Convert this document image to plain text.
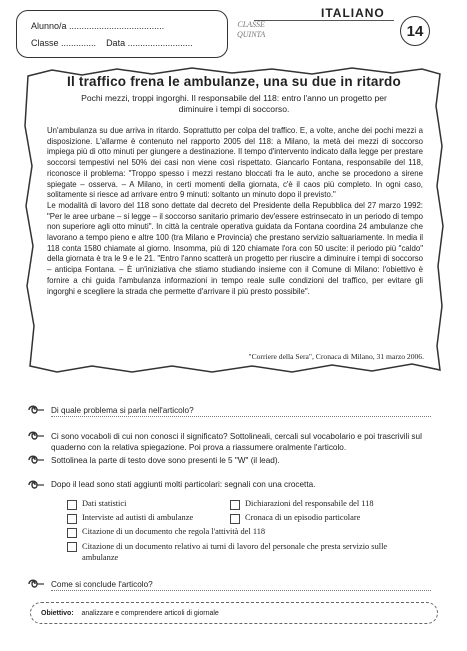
Alunno/a ......................................
Classe .............. Data ..........................
CLASSE
QUINTA
ITALIANO
14
Il traffico frena le ambulanze, una su due in ritardo
Pochi mezzi, troppi ingorghi. Il responsabile del 118: entro l'anno un progetto per diminuire i tempi di soccorso.

Un'ambulanza su due arriva in ritardo. Soprattutto per colpa del traffico. E, a volte, anche dei pochi mezzi a disposizione. L'allarme è contenuto nel rapporto 2005 del 118: a Milano, la metà dei mezzi di soccorso impiega più di otto minuti per giungere a destinazione. Il tempo d'intervento indicato dalla legge per prestare soccorsi tempestivi nel 50% dei casi non viene così rispettato. Giancarlo Fontana, responsabile del 118, riconosce il problema: "Troppo spesso i mezzi restano bloccati fra le auto, anche se procedono a sirene spiegate – osserva. – A Milano, in certi momenti della giornata, c'è il caos più completo. In ogni caso, solitamente si riesce ad arrivare entro 9 minuti: soltanto un minuto dopo il previsto."

Le modalità di lavoro del 118 sono dettate dal decreto del Presidente della Repubblica del 27 marzo 1992: "Per le aree urbane – si legge – il soccorso sanitario primario dev'essere estrinsecato in un periodo di tempo non superiore agli otto minuti". In città la centrale operativa guidata da Fontana coordina 24 ambulanze che lavorano a tempo pieno e altre 100 (tra Milano e Provincia) che prestano servizio saltuariamente. In media il 118 conta 1580 chiamate al giorno. Insomma, più di 120 chiamate l'ora con 50 uscite: il periodo più "caldo" della giornata è tra le 9 e le 21. "Entro l'anno scatterà un progetto per riuscire a diminuire i tempi di soccorso – anticipa Fontana. – È un'iniziativa che stiamo studiando insieme con il Comune di Milano: l'obiettivo è fornire a chi guida l'ambulanza informazioni in tempo reale sulle condizioni del traffico, per evitare gli ingorghi e scegliere la strada che permette d'arrivare il più presto possibile".

"Corriere della Sera", Cronaca di Milano, 31 marzo 2006.
Di quale problema si parla nell'articolo?
Ci sono vocaboli di cui non conosci il significato? Sottolineali, cercali sul vocabolario e poi trascrivili sul quaderno con la relativa spiegazione. Poi prova a riassumere oralmente l'articolo.
Sottolinea la parte di testo dove sono presenti le 5 "W" (il lead).
Dati statistici	Dichiarazioni del responsabile del 118
Interviste ad autisti di ambulanze	Cronaca di un episodio particolare
Citazione di un documento che regola l'attività del 118
Citazione di un documento relativo ai turni di lavoro del personale che presta servizio sulle ambulanze
Come si conclude l'articolo?
Dopo il lead sono stati aggiunti molti particolari: segnali con una crocetta.
Obiettivo: analizzare e comprendere articoli di giornale
